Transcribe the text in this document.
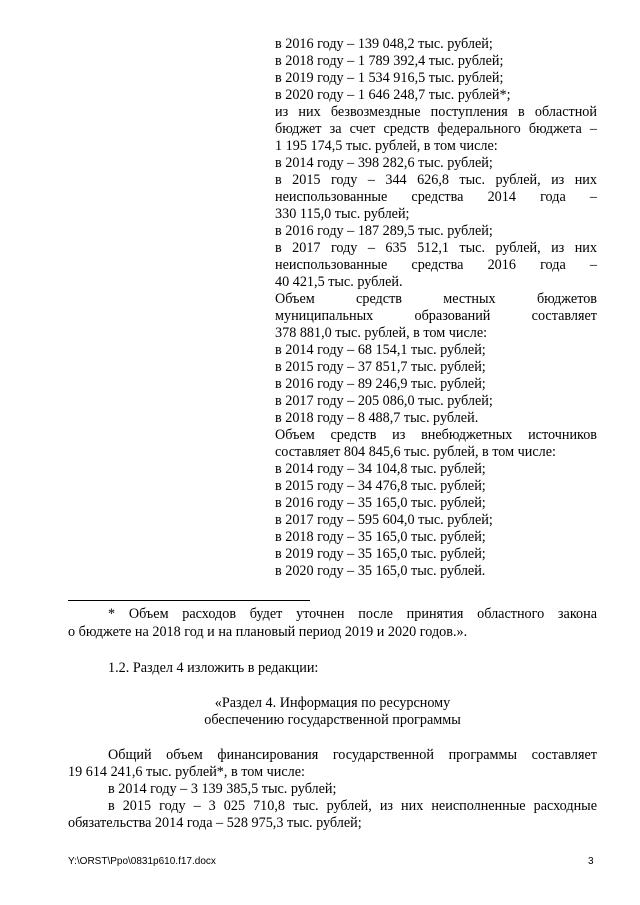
в 2016 году – 139 048,2 тыс. рублей;
в 2018 году – 1 789 392,4 тыс. рублей;
в 2019 году – 1 534 916,5 тыс. рублей;
в 2020 году – 1 646 248,7 тыс. рублей*;
из них безвозмездные поступления в областной
бюджет за счет средств федерального бюджета –
1 195 174,5 тыс. рублей, в том числе:
в 2014 году – 398 282,6 тыс. рублей;
в 2015 году – 344 626,8 тыс. рублей, из них
неиспользованные средства 2014 года –
330 115,0 тыс. рублей;
в 2016 году – 187 289,5 тыс. рублей;
в 2017 году – 635 512,1 тыс. рублей, из них
неиспользованные средства 2016 года –
40 421,5 тыс. рублей.
Объем средств местных бюджетов
муниципальных образований составляет
378 881,0 тыс. рублей, в том числе:
в 2014 году – 68 154,1 тыс. рублей;
в 2015 году – 37 851,7 тыс. рублей;
в 2016 году – 89 246,9 тыс. рублей;
в 2017 году – 205 086,0 тыс. рублей;
в 2018 году – 8 488,7 тыс. рублей.
Объем средств из внебюджетных источников
составляет 804 845,6 тыс. рублей, в том числе:
в 2014 году – 34 104,8 тыс. рублей;
в 2015 году – 34 476,8 тыс. рублей;
в 2016 году – 35 165,0 тыс. рублей;
в 2017 году – 595 604,0 тыс. рублей;
в 2018 году – 35 165,0 тыс. рублей;
в 2019 году – 35 165,0 тыс. рублей;
в 2020 году – 35 165,0 тыс. рублей.
* Объем расходов будет уточнен после принятия областного закона
о бюджете на 2018 год и на плановый период 2019 и 2020 годов.».
1.2. Раздел 4 изложить в редакции:
«Раздел 4. Информация по ресурсному
обеспечению государственной программы
Общий объем финансирования государственной программы составляет
19 614 241,6 тыс. рублей*, в том числе:
в 2014 году – 3 139 385,5 тыс. рублей;
в 2015 году – 3 025 710,8 тыс. рублей, из них неисполненные расходные
обязательства 2014 года – 528 975,3 тыс. рублей;
Y:\ORST\Ppo\0831p610.f17.docx	3
